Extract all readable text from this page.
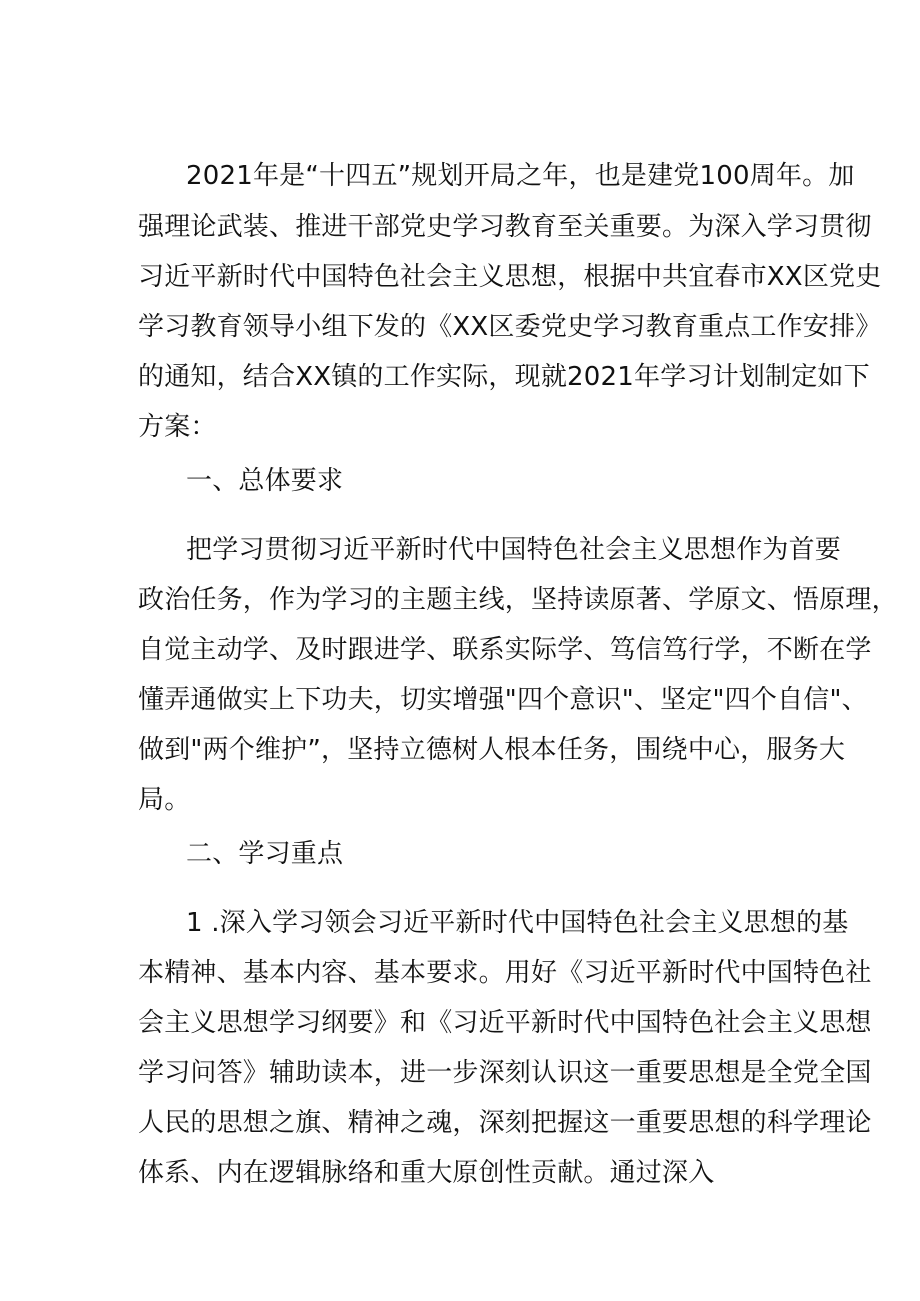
2021年是“十四五”规划开局之年，也是建党100周年。加
强理论武装、推进干部党史学习教育至关重要。为深入学习贯彻
习近平新时代中国特色社会主义思想，根据中共宜春市XX区党史
学习教育领导小组下发的《XX区委党史学习教育重点工作安排》
的通知，结合XX镇的工作实际，现就2021年学习计划制定如下
方案：
一、总体要求
把学习贯彻习近平新时代中国特色社会主义思想作为首要
政治任务，作为学习的主题主线，坚持读原著、学原文、悟原理，
自觉主动学、及时跟进学、联系实际学、笃信笃行学，不断在学
懂弄通做实上下功夫，切实增强"四个意识"、坚定"四个自信"、
做到"两个维护”，坚持立德树人根本任务，围绕中心，服务大
局。
二、学习重点
1 .深入学习领会习近平新时代中国特色社会主义思想的基
本精神、基本内容、基本要求。用好《习近平新时代中国特色社
会主义思想学习纲要》和《习近平新时代中国特色社会主义思想
学习问答》辅助读本，进一步深刻认识这一重要思想是全党全国
人民的思想之旗、精神之魂，深刻把握这一重要思想的科学理论
体系、内在逻辑脉络和重大原创性贡献。通过深入
